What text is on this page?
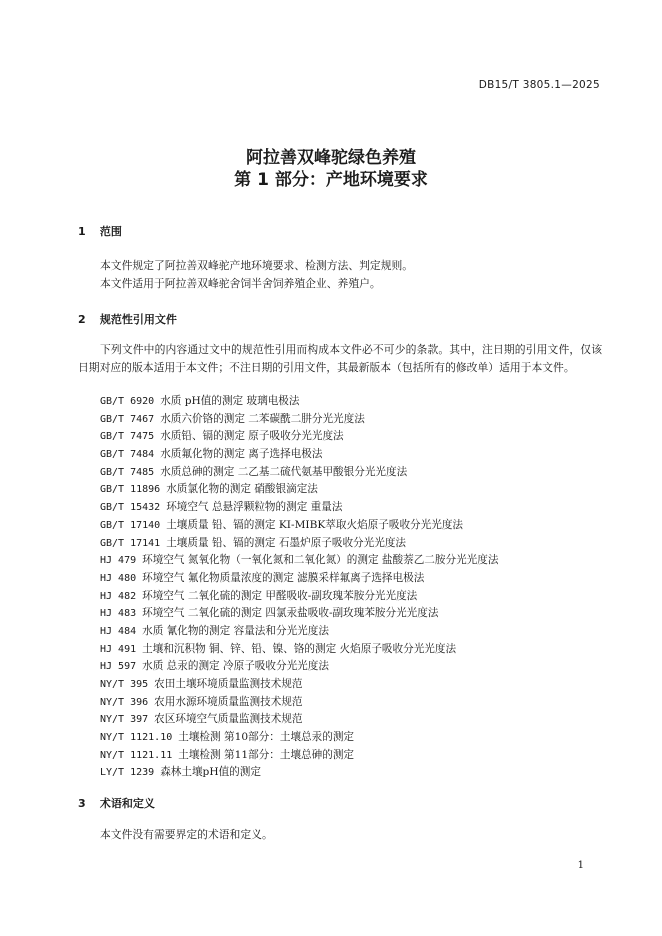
DB15/T 3805.1—2025
阿拉善双峰驼绿色养殖
第 1 部分：产地环境要求
1 范围
本文件规定了阿拉善双峰驼产地环境要求、检测方法、判定规则。
本文件适用于阿拉善双峰驼舍饲半舍饲养殖企业、养殖户。
2 规范性引用文件
下列文件中的内容通过文中的规范性引用而构成本文件必不可少的条款。其中，注日期的引用文件，仅该日期对应的版本适用于本文件；不注日期的引用文件，其最新版本（包括所有的修改单）适用于本文件。
GB/T 6920 水质 pH值的测定 玻璃电极法
GB/T 7467 水质六价铬的测定 二苯碳酰二肼分光光度法
GB/T 7475 水质铅、镉的测定 原子吸收分光光度法
GB/T 7484 水质氟化物的测定 离子选择电极法
GB/T 7485 水质总砷的测定 二乙基二硫代氨基甲酸银分光光度法
GB/T 11896 水质氯化物的测定 硝酸银滴定法
GB/T 15432 环境空气 总悬浮颗粒物的测定 重量法
GB/T 17140 土壤质量 铅、镉的测定 KI-MIBK萃取火焰原子吸收分光光度法
GB/T 17141 土壤质量 铅、镉的测定 石墨炉原子吸收分光光度法
HJ 479 环境空气 氮氧化物（一氧化氮和二氧化氮）的测定 盐酸萘乙二胺分光光度法
HJ 480 环境空气 氟化物质量浓度的测定 滤膜采样氟离子选择电极法
HJ 482 环境空气 二氧化硫的测定 甲醛吸收-副玫瑰苯胺分光光度法
HJ 483 环境空气 二氧化硫的测定 四氯汞盐吸收-副玫瑰苯胺分光光度法
HJ 484 水质 氰化物的测定 容量法和分光光度法
HJ 491 土壤和沉积物 铜、锌、铅、镍、铬的测定 火焰原子吸收分光光度法
HJ 597 水质 总汞的测定 冷原子吸收分光光度法
NY/T 395 农田土壤环境质量监测技术规范
NY/T 396 农用水源环境质量监测技术规范
NY/T 397 农区环境空气质量监测技术规范
NY/T 1121.10 土壤检测 第10部分：土壤总汞的测定
NY/T 1121.11 土壤检测 第11部分：土壤总砷的测定
LY/T 1239 森林土壤pH值的测定
3 术语和定义
本文件没有需要界定的术语和定义。
1
